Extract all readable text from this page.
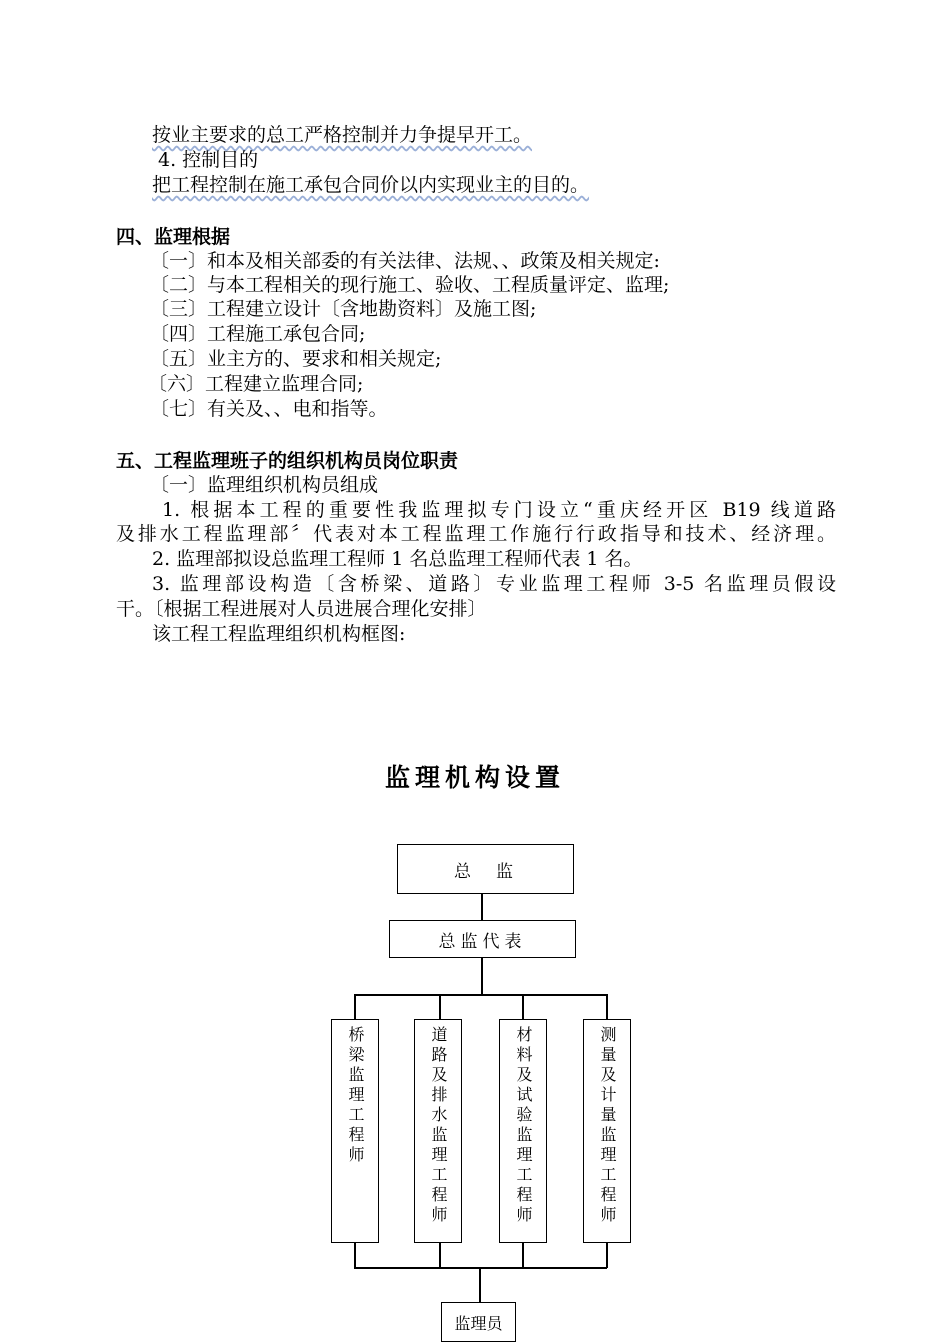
按业主要求的总工严格控制并力争提早开工。
4. 控制目的
把工程控制在施工承包合同价以内实现业主的目的。
四、监理根据
〔一〕和本及相关部委的有关法律、法规、、政策及相关规定:
〔二〕与本工程相关的现行施工、验收、工程质量评定、监理;
〔三〕工程建立设计〔含地勘资料〕及施工图;
〔四〕工程施工承包合同;
〔五〕业主方的、要求和相关规定;
〔六〕工程建立监理合同;
〔七〕有关及、、电和指等。
五、工程监理班子的组织机构员岗位职责
〔一〕监理组织机构员组成
1. 根据本工程的重要性我监理拟专门设立“重庆经开区 B19 线道路
及排水工程监理部〞代表对本工程监理工作施行行政指导和技术、经济理。
2. 监理部拟设总监理工程师 1 名总监理工程师代表 1 名。
3. 监理部设构造〔含桥梁、道路〕专业监理工程师 3-5 名监理员假设
干。〔根据工程进展对人员进展合理化安排〕
该工程工程监理组织机构框图:
监理机构设置
总　监
总监代表
桥梁监理工程师	道路及排水监理工程师	材料及试验监理工程师	测量及计量监理工程师
监理员
